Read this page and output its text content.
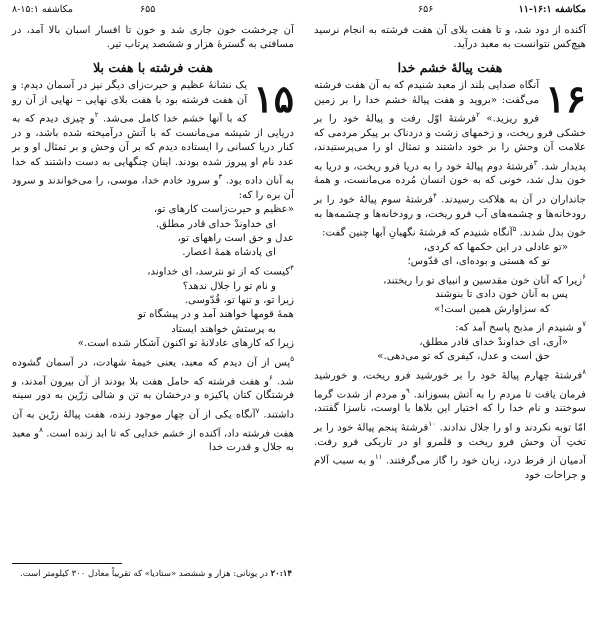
مکاشفه ۱۵:۱-۸	۶۵۵

آن چرخشت خون جاری شد و خون تا افسار اسبان بالا آمد، در مسافتی به گسترهٔ هزار و ششصد پرتاب تیر.

هفت فرشته با هفت بلا

۱۵
یک نشانهٔ عظیم و حیرت‌زای دیگر نیز در آسمان دیدم: و آن هفت فرشته بود با هفت بلای نهایی – نهایی از آن رو که با آنها خشم خدا کامل می‌شد. $^۲$و چیزی دیدم که به دریایی از شیشه می‌مانست که با آتش درآمیخته شده باشد، و در کنار دریا کسانی را ایستاده دیدم که بر آن وحش و بر تمثال او و بر عدد نام او پیروز شده بودند. اینان چنگهایی به دست داشتند که خدا به آنان داده بود. $^۳$و سرود خادم خدا، موسی، را می‌خواندند و سرود آن بره را که:

«عظیم و حیرت‌زاست کارهای تو،
ای خداوندْ خدای قادر مطلق.
عدل و حق است راههای تو،
ای پادشاه همهٔ اعصار.
$^۴$کیست که از تو نترسد، ای خداوند،
و نام تو را جلال ندهد؟
زیرا تو، و تنها تو، قُدّوسی.
همهٔ قومها خواهند آمد و در پیشگاه تو
به پرستش خواهند ایستاد
زیرا که کارهای عادلانهٔ تو اکنون آشکار شده است.»

$^۵$پس از آن دیدم که معبد، یعنی خیمهٔ شهادت، در آسمان گشوده شد. $^۶$و هفت فرشته که حامل هفت بلا بودند از آن بیرون آمدند، و فرشتگان کتان پاکیزه و درخشان به تن و شالی زرّین به دور سینه داشتند. $^۷$آنگاه یکی از آن چهار موجود زنده، هفت پیالهٔ زرّین به آن هفت فرشته داد، آکنده از خشم خدایی که تا ابد زنده است. $^۸$و معبد به جلال و قدرت خدا

۲۰:۱۴ در یونانی: هزار و ششصد «ستادیا» که تقریباً معادل ۳۰۰ کیلومتر است.
۶۵۶	مکاشفه ۱۶:۱-۱۱

آکنده از دود شد، و تا هفت بلای آن هفت فرشته به انجام نرسید هیچ‌کس نتوانست به معبد درآید.

هفت پیالهٔ خشم خدا

۱۶
آنگاه صدایی بلند از معبد شنیدم که به آن هفت فرشته می‌گفت: «بروید و هفت پیالهٔ خشم خدا را بر زمین فرو ریزید.» $^۲$فرشتهٔ اوّل رفت و پیالهٔ خود را بر خشکی فرو ریخت، و زخمهای زشت و دردناک بر پیکر مردمی که علامت آن وحش را بر خود داشتند و تمثال او را می‌پرستیدند، پدیدار شد. $^۳$فرشتهٔ دوم پیالهٔ خود را به دریا فرو ریخت، و دریا به خون بدل شد، خونی که به خون انسان مُرده می‌مانست، و همهٔ جانداران در آن به هلاکت رسیدند. $^۴$فرشتهٔ سوم پیالهٔ خود را بر رودخانه‌ها و چشمه‌های آب فرو ریخت، و رودخانه‌ها و چشمه‌ها به خون بدل شدند. $^۵$آنگاه شنیدم که فرشتهٔ نگهبانِ آبها چنین گفت:

«تو عادلی در این حکمها که کردی،
تو که هستی و بوده‌ای، ای قدّوس؛
$^۶$زیرا که آنان خون مقدسین و انبیای تو را ریختند،
پس به آنان خون دادی تا بنوشند
که سزاوارش همین است!»

$^۷$و شنیدم از مذبح پاسخ آمد که:

«آری، ای خداوندْ خدای قادر مطلق،
حق است و عدل، کیفری که تو می‌دهی.»

$^۸$فرشتهٔ چهارم پیالهٔ خود را بر خورشید فرو ریخت، و خورشید فرمان یافت تا مردم را به آتش بسوزاند. $^۹$و مردم از شدت گرما سوختند و نام خدا را که اختیار این بلاها با اوست، ناسزا گفتند، امّا توبه نکردند و او را جلال ندادند. $^{۱۰}$فرشتهٔ پنجم پیالهٔ خود را بر تختِ آن وحش فرو ریخت و قلمرو او در تاریکی فرو رفت. آدمیان از فرط درد، زبان خود را گاز می‌گرفتند. $^{۱۱}$و به سبب آلام و جراحات خود
